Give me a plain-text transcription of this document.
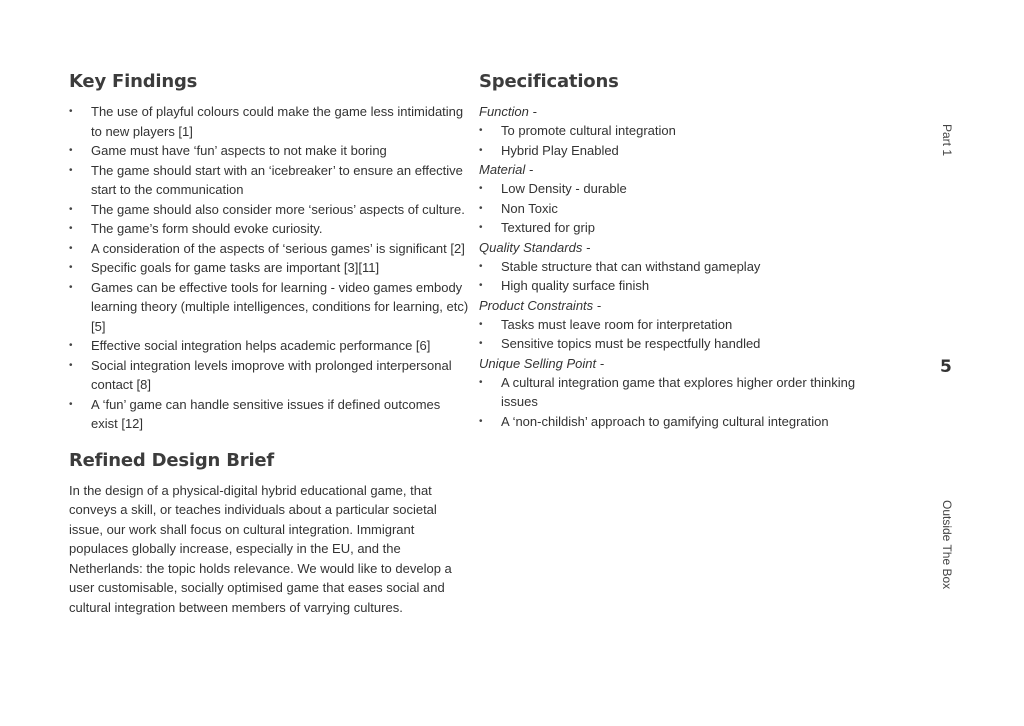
Key Findings
• The use of playful colours could make the game less intimidating to new players [1]
• Game must have ‘fun’ aspects to not make it boring
• The game should start with an ‘icebreaker’ to ensure an effective start to the communication
• The game should also consider more ‘serious’ aspects of culture.
• The game’s form should evoke curiosity.
• A consideration of the aspects of ‘serious games’ is significant [2]
• Specific goals for game tasks are important [3][11]
• Games can be effective tools for learning - video games embody learning theory (multiple intelligences, conditions for learning, etc) [5]
• Effective social integration helps academic performance [6]
• Social integration levels imoprove with prolonged interpersonal contact [8]
• A ‘fun’ game can handle sensitive issues if defined outcomes exist [12]
Refined Design Brief

In the design of a physical-digital hybrid educational game, that conveys a skill, or teaches individuals about a particular societal issue, our work shall focus on cultural integration. Immigrant populaces globally increase, especially in the EU, and the Netherlands: the topic holds relevance. We would like to develop a user customisable, socially optimised game that eases social and cultural integration between members of varrying cultures.

Specifications
Function -
• To promote cultural integration
• Hybrid Play Enabled
Material -
• Low Density - durable
• Non Toxic
• Textured for grip
Quality Standards -
• Stable structure that can withstand gameplay
• High quality surface finish
Product Constraints -
• Tasks must leave room for interpretation
• Sensitive topics must be respectfully handled
Unique Selling Point -
• A cultural integration game that explores higher order thinking issues
• A ‘non-childish’ approach to gamifying cultural integration
Part 1
5
Outside The Box
